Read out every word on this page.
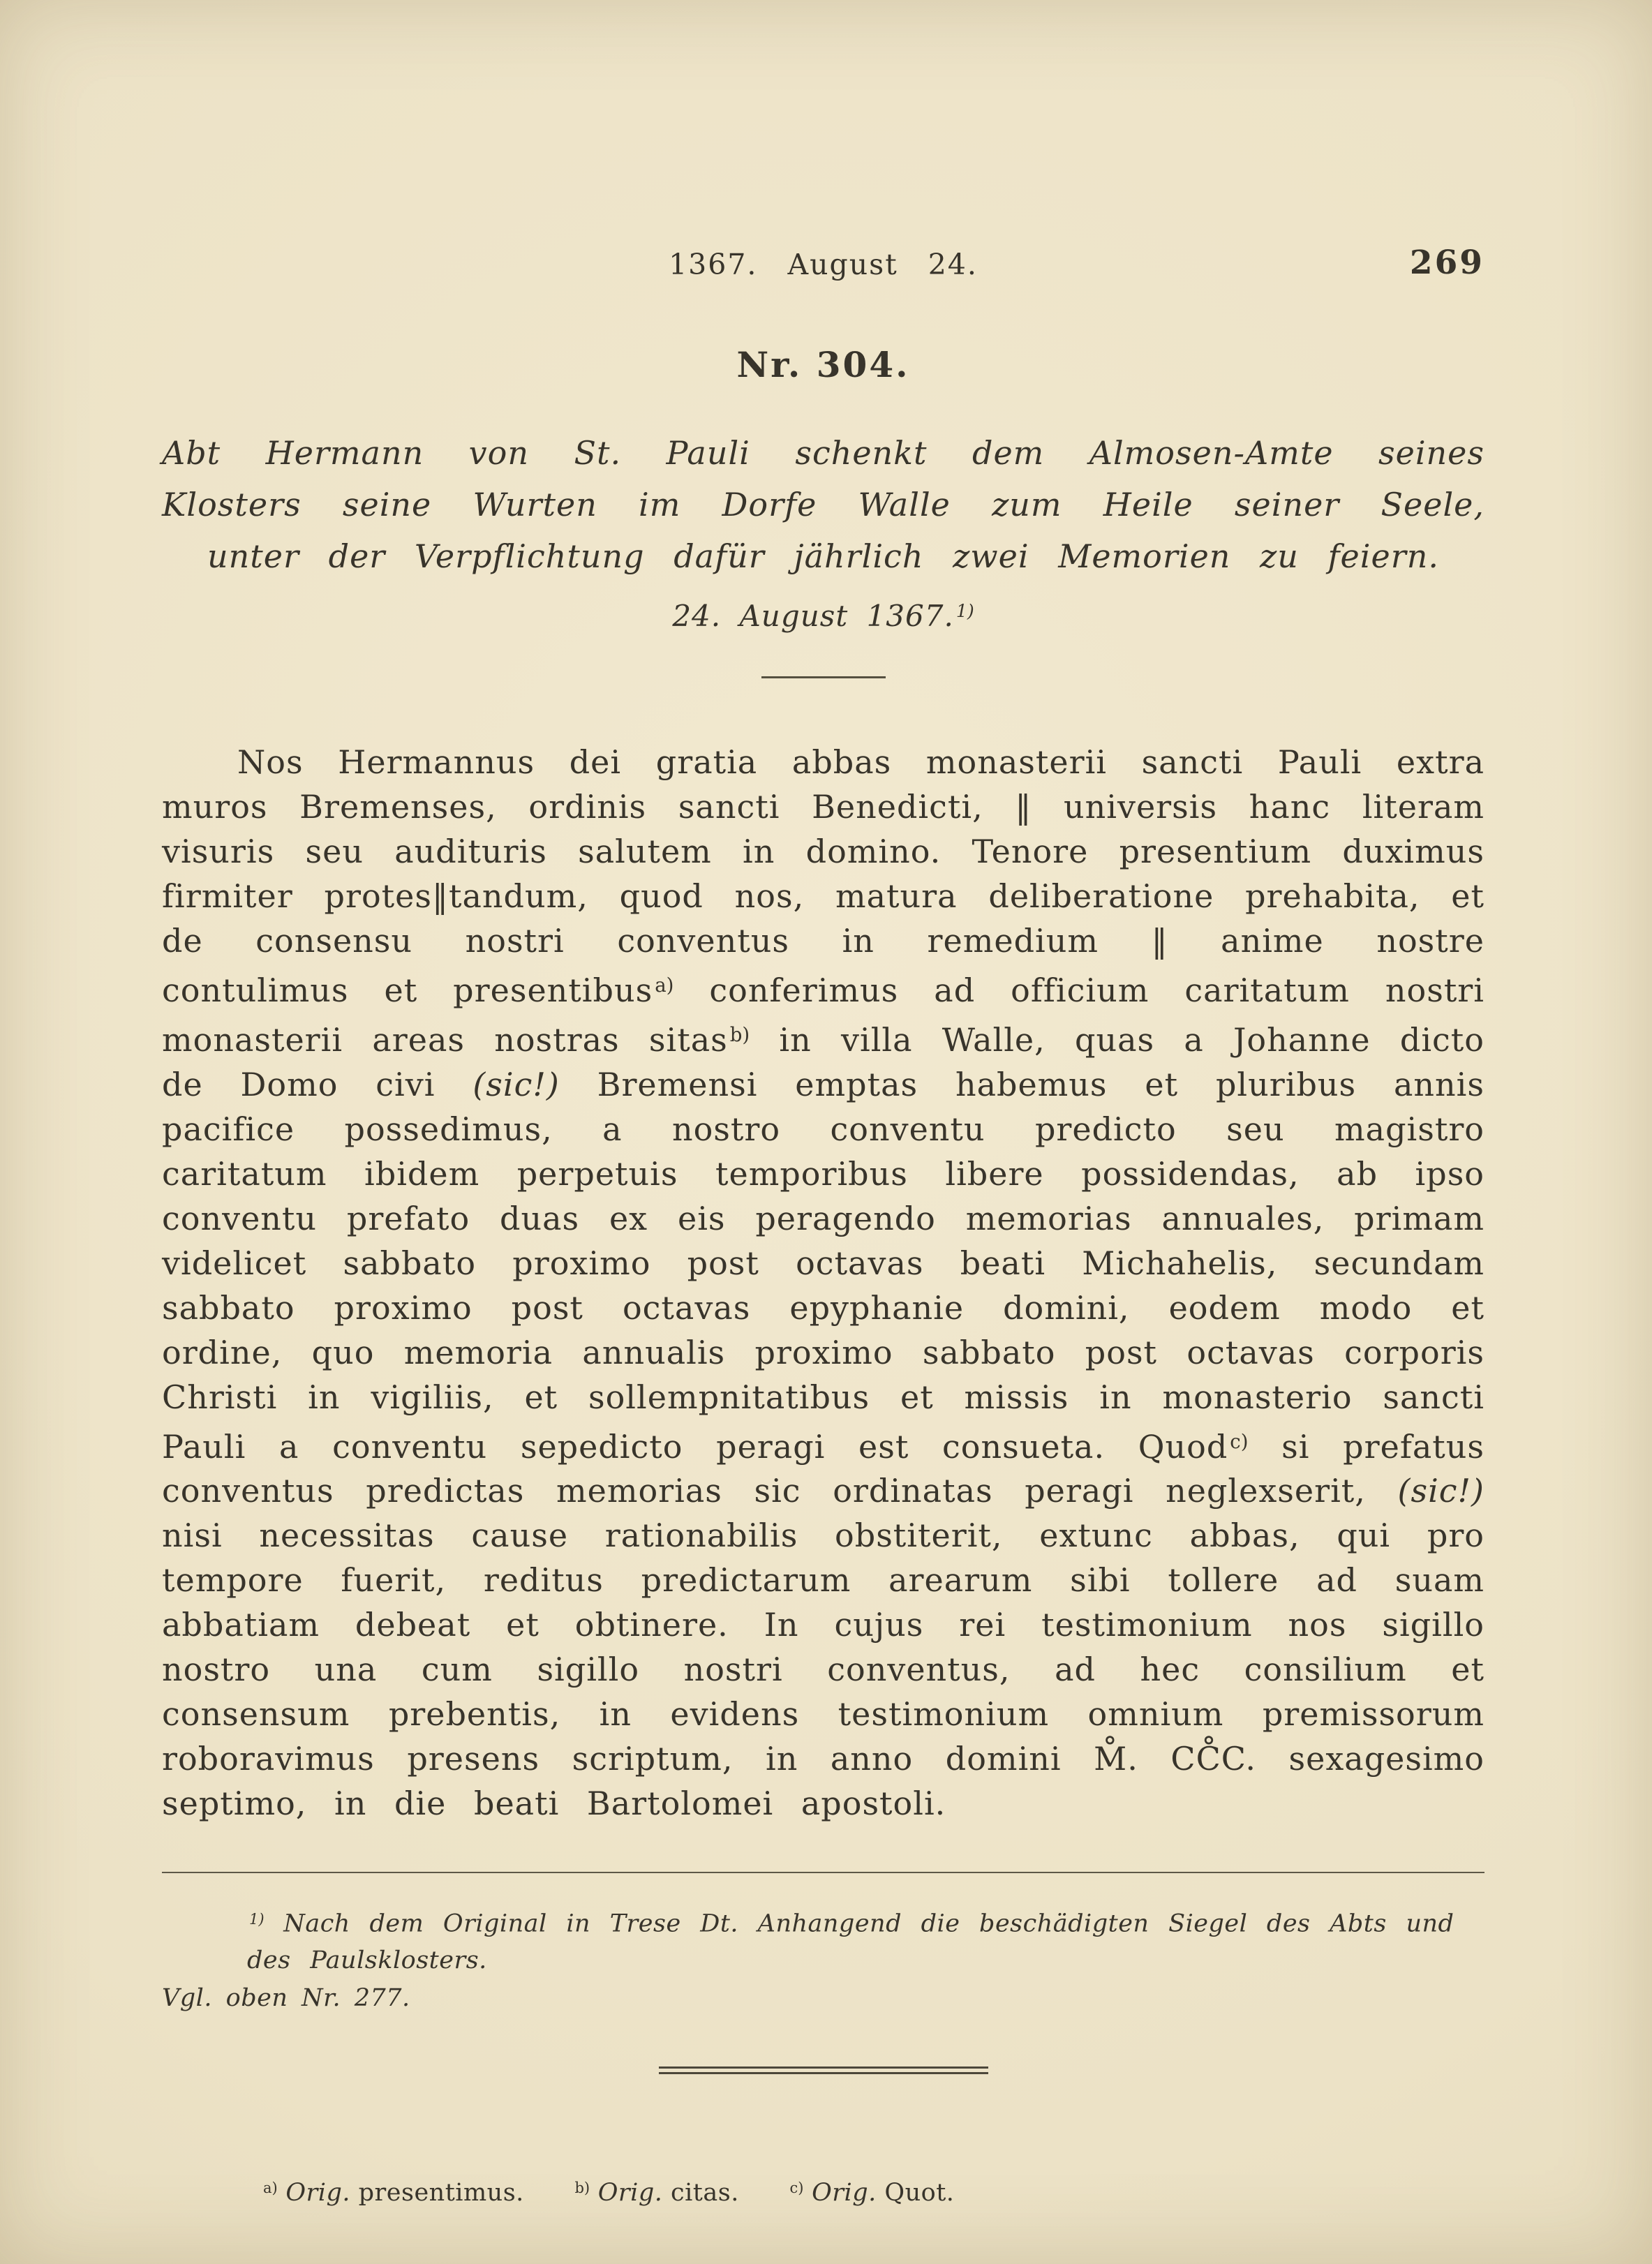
1367. August 24.	269
Nr. 304.

Abt Hermann von St. Pauli schenkt dem Almosen-Amte seines Klosters seine Wurten im Dorfe Walle zum Heile seiner Seele, unter der Verpflichtung dafür jährlich zwei Memorien zu feiern.

24. August 1367. $^{1)}$

Nos Hermannus dei gratia abbas monasterii sancti Pauli extra muros Bremenses, ordinis sancti Benedicti, ‖ universis hanc literam visuris seu audituris salutem in domino. Tenore presentium duximus firmiter protes‖tandum, quod nos, matura deliberatione prehabita, et de consensu nostri conventus in remedium ‖ anime nostre contulimus et presentibus $^{a)}$ conferimus ad officium caritatum nostri monasterii areas nostras sitas $^{b)}$ in villa Walle, quas a Johanne dicto de Domo civi (sic!) Bremensi emptas habemus et pluribus annis pacifice possedimus, a nostro conventu predicto seu magistro caritatum ibidem perpetuis temporibus libere possidendas, ab ipso conventu prefato duas ex eis peragendo memorias annuales, primam videlicet sabbato proximo post octavas beati Michahelis, secundam sabbato proximo post octavas epyphanie domini, eodem modo et ordine, quo memoria annualis proximo sabbato post octavas corporis Christi in vigiliis, et sollempnitatibus et missis in monasterio sancti Pauli a conventu sepedicto peragi est consueta. Quod $^{c)}$ si prefatus conventus predictas memorias sic ordinatas peragi neglexserit, (sic!) nisi necessitas cause rationabilis obstiterit, extunc abbas, qui pro tempore fuerit, reditus predictarum arearum sibi tollere ad suam abbatiam debeat et obtinere. In cujus rei testimonium nos sigillo nostro una cum sigillo nostri conventus, ad hec consilium et consensum prebentis, in evidens testimonium omnium premissorum roboravimus presens scriptum, in anno domini M̊. CC̊C. sexagesimo septimo, in die beati Bartolomei apostoli.

$^{1)}$ Nach dem Original in Trese Dt. Anhangend die beschädigten Siegel des Abts und des Paulsklosters.

Vgl. oben Nr. 277.

$^{a)}$ Orig. presentimus.	$^{b)}$ Orig. citas.	$^{c)}$ Orig. Quot.
